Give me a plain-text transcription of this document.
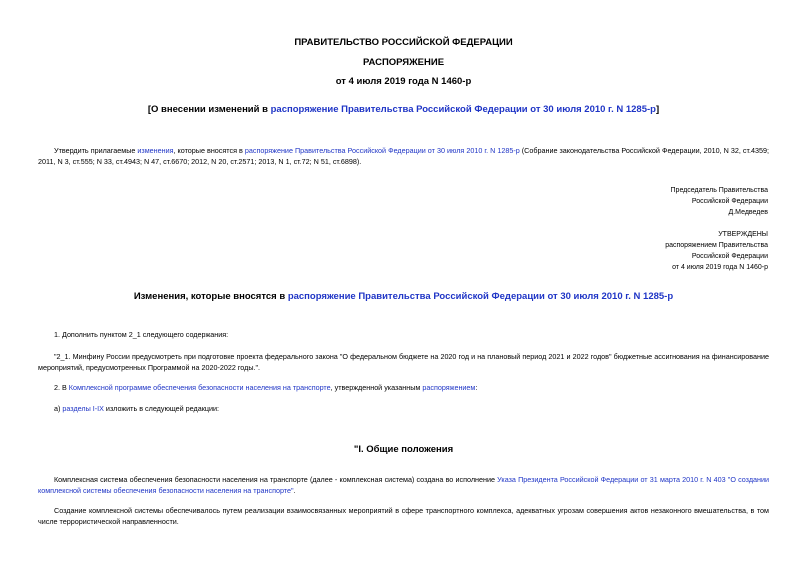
ПРАВИТЕЛЬСТВО РОССИЙСКОЙ ФЕДЕРАЦИИ
РАСПОРЯЖЕНИЕ
от 4 июля 2019 года N 1460-р
[О внесении изменений в распоряжение Правительства Российской Федерации от 30 июля 2010 г. N 1285-р]

Утвердить прилагаемые изменения, которые вносятся в распоряжение Правительства Российской Федерации от 30 июля 2010 г. N 1285-р (Собрание законодательства Российской Федерации, 2010, N 32, ст.4359; 2011, N 3, ст.555; N 33, ст.4943; N 47, ст.6670; 2012, N 20, ст.2571; 2013, N 1, ст.72; N 51, ст.6898).

Председатель Правительства
Российской Федерации
Д.Медведев
УТВЕРЖДЕНЫ
распоряжением Правительства
Российской Федерации
от 4 июля 2019 года N 1460-р
Изменения, которые вносятся в распоряжение Правительства Российской Федерации от 30 июля 2010 г. N 1285-р

1. Дополнить пунктом 2_1 следующего содержания:

"2_1. Минфину России предусмотреть при подготовке проекта федерального закона "О федеральном бюджете на 2020 год и на плановый период 2021 и 2022 годов" бюджетные ассигнования на финансирование мероприятий, предусмотренных Программой на 2020-2022 годы.".

2. В Комплексной программе обеспечения безопасности населения на транспорте, утвержденной указанным распоряжением:

а) разделы I-IX изложить в следующей редакции:

"I. Общие положения

Комплексная система обеспечения безопасности населения на транспорте (далее - комплексная система) создана во исполнение Указа Президента Российской Федерации от 31 марта 2010 г. N 403 "О создании комплексной системы обеспечения безопасности населения на транспорте".

Создание комплексной системы обеспечивалось путем реализации взаимосвязанных мероприятий в сфере транспортного комплекса, адекватных угрозам совершения актов незаконного вмешательства, в том числе террористической направленности.
